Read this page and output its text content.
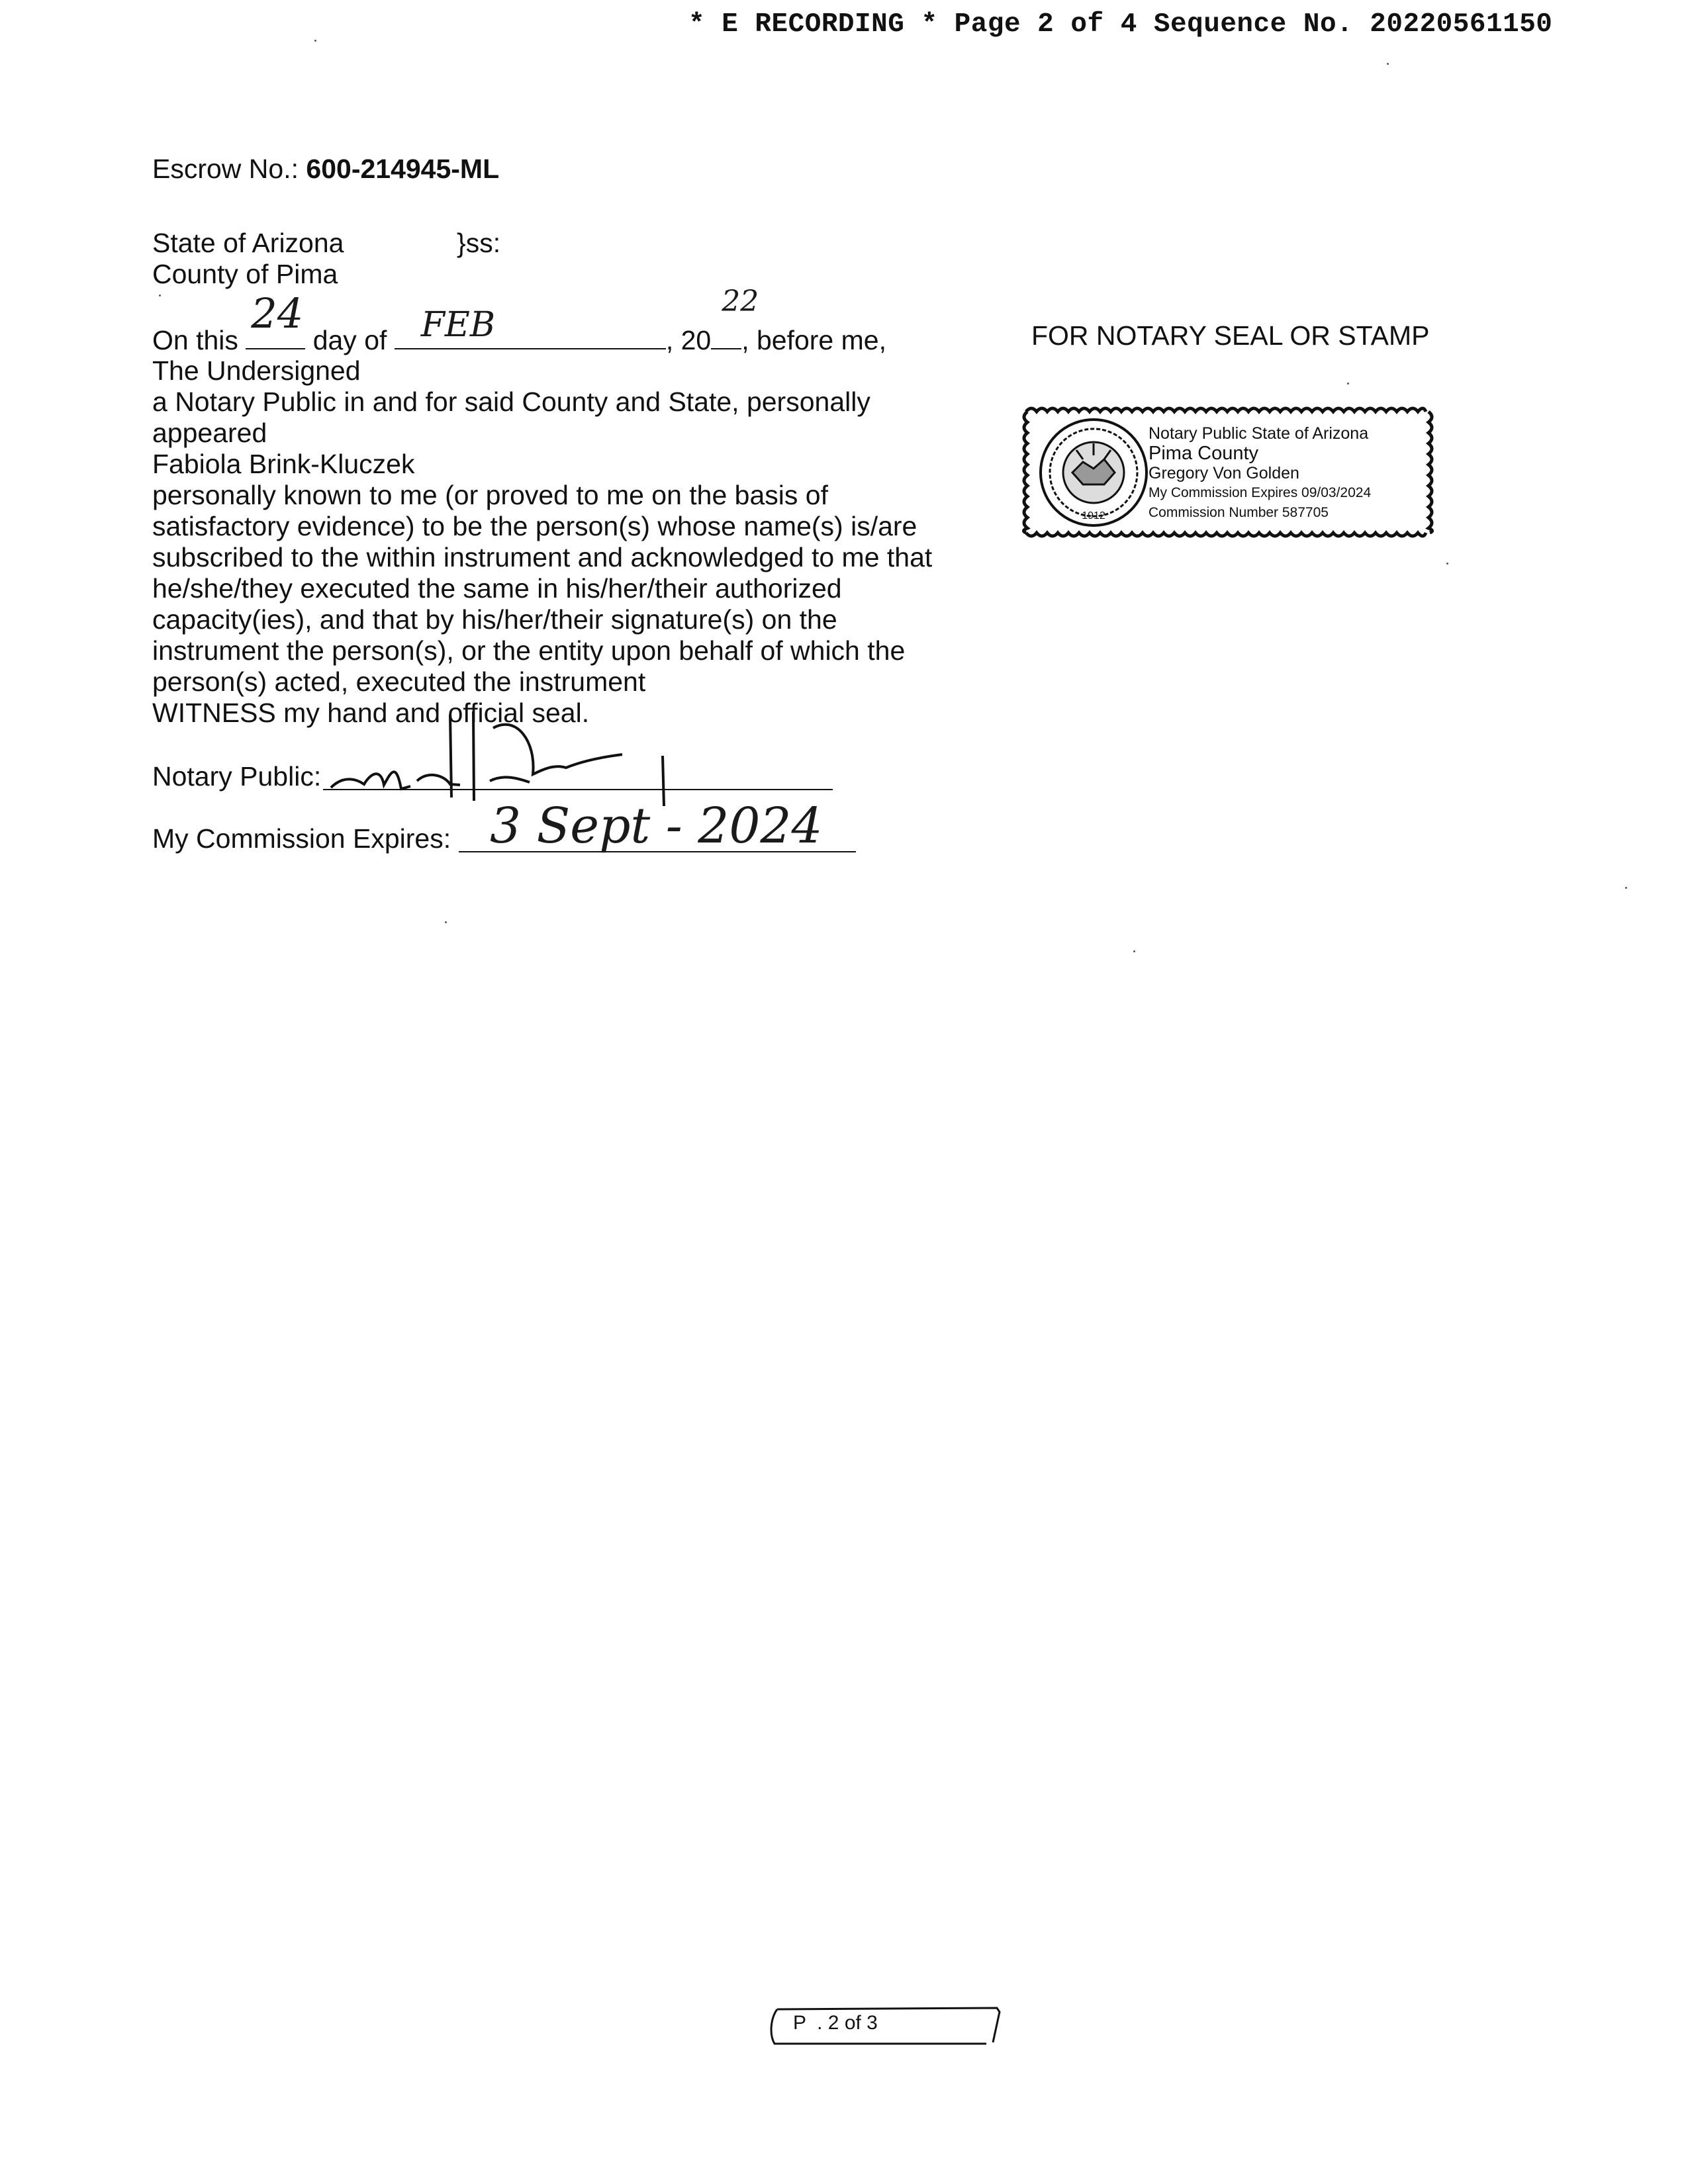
* E RECORDING * Page 2 of 4 Sequence No. 20220561150
Escrow No.: 600-214945-ML
State of Arizona	}ss:
County of Pima
On this
24
day of FEB	, 20
22
, before me,
The Undersigned
a Notary Public in and for said County and State, personally
appeared
Fabiola Brink-Kluczek
personally known to me (or proved to me on the basis of
satisfactory evidence) to be the person(s) whose name(s) is/are
subscribed to the within instrument and acknowledged to me that
he/she/they executed the same in his/her/their authorized
capacity(ies), and that by his/her/their signature(s) on the
instrument the person(s), or the entity upon behalf of which the
person(s) acted, executed the instrument
WITNESS my hand and official seal.
Notary Public:
My Commission Expires: 3 Sept - 2024
FOR NOTARY SEAL OR STAMP
1912
Notary Public State of Arizona
Pima County
Gregory Von Golden
My Commission Expires 09/03/2024
Commission Number 587705
P  . 2 of 3
